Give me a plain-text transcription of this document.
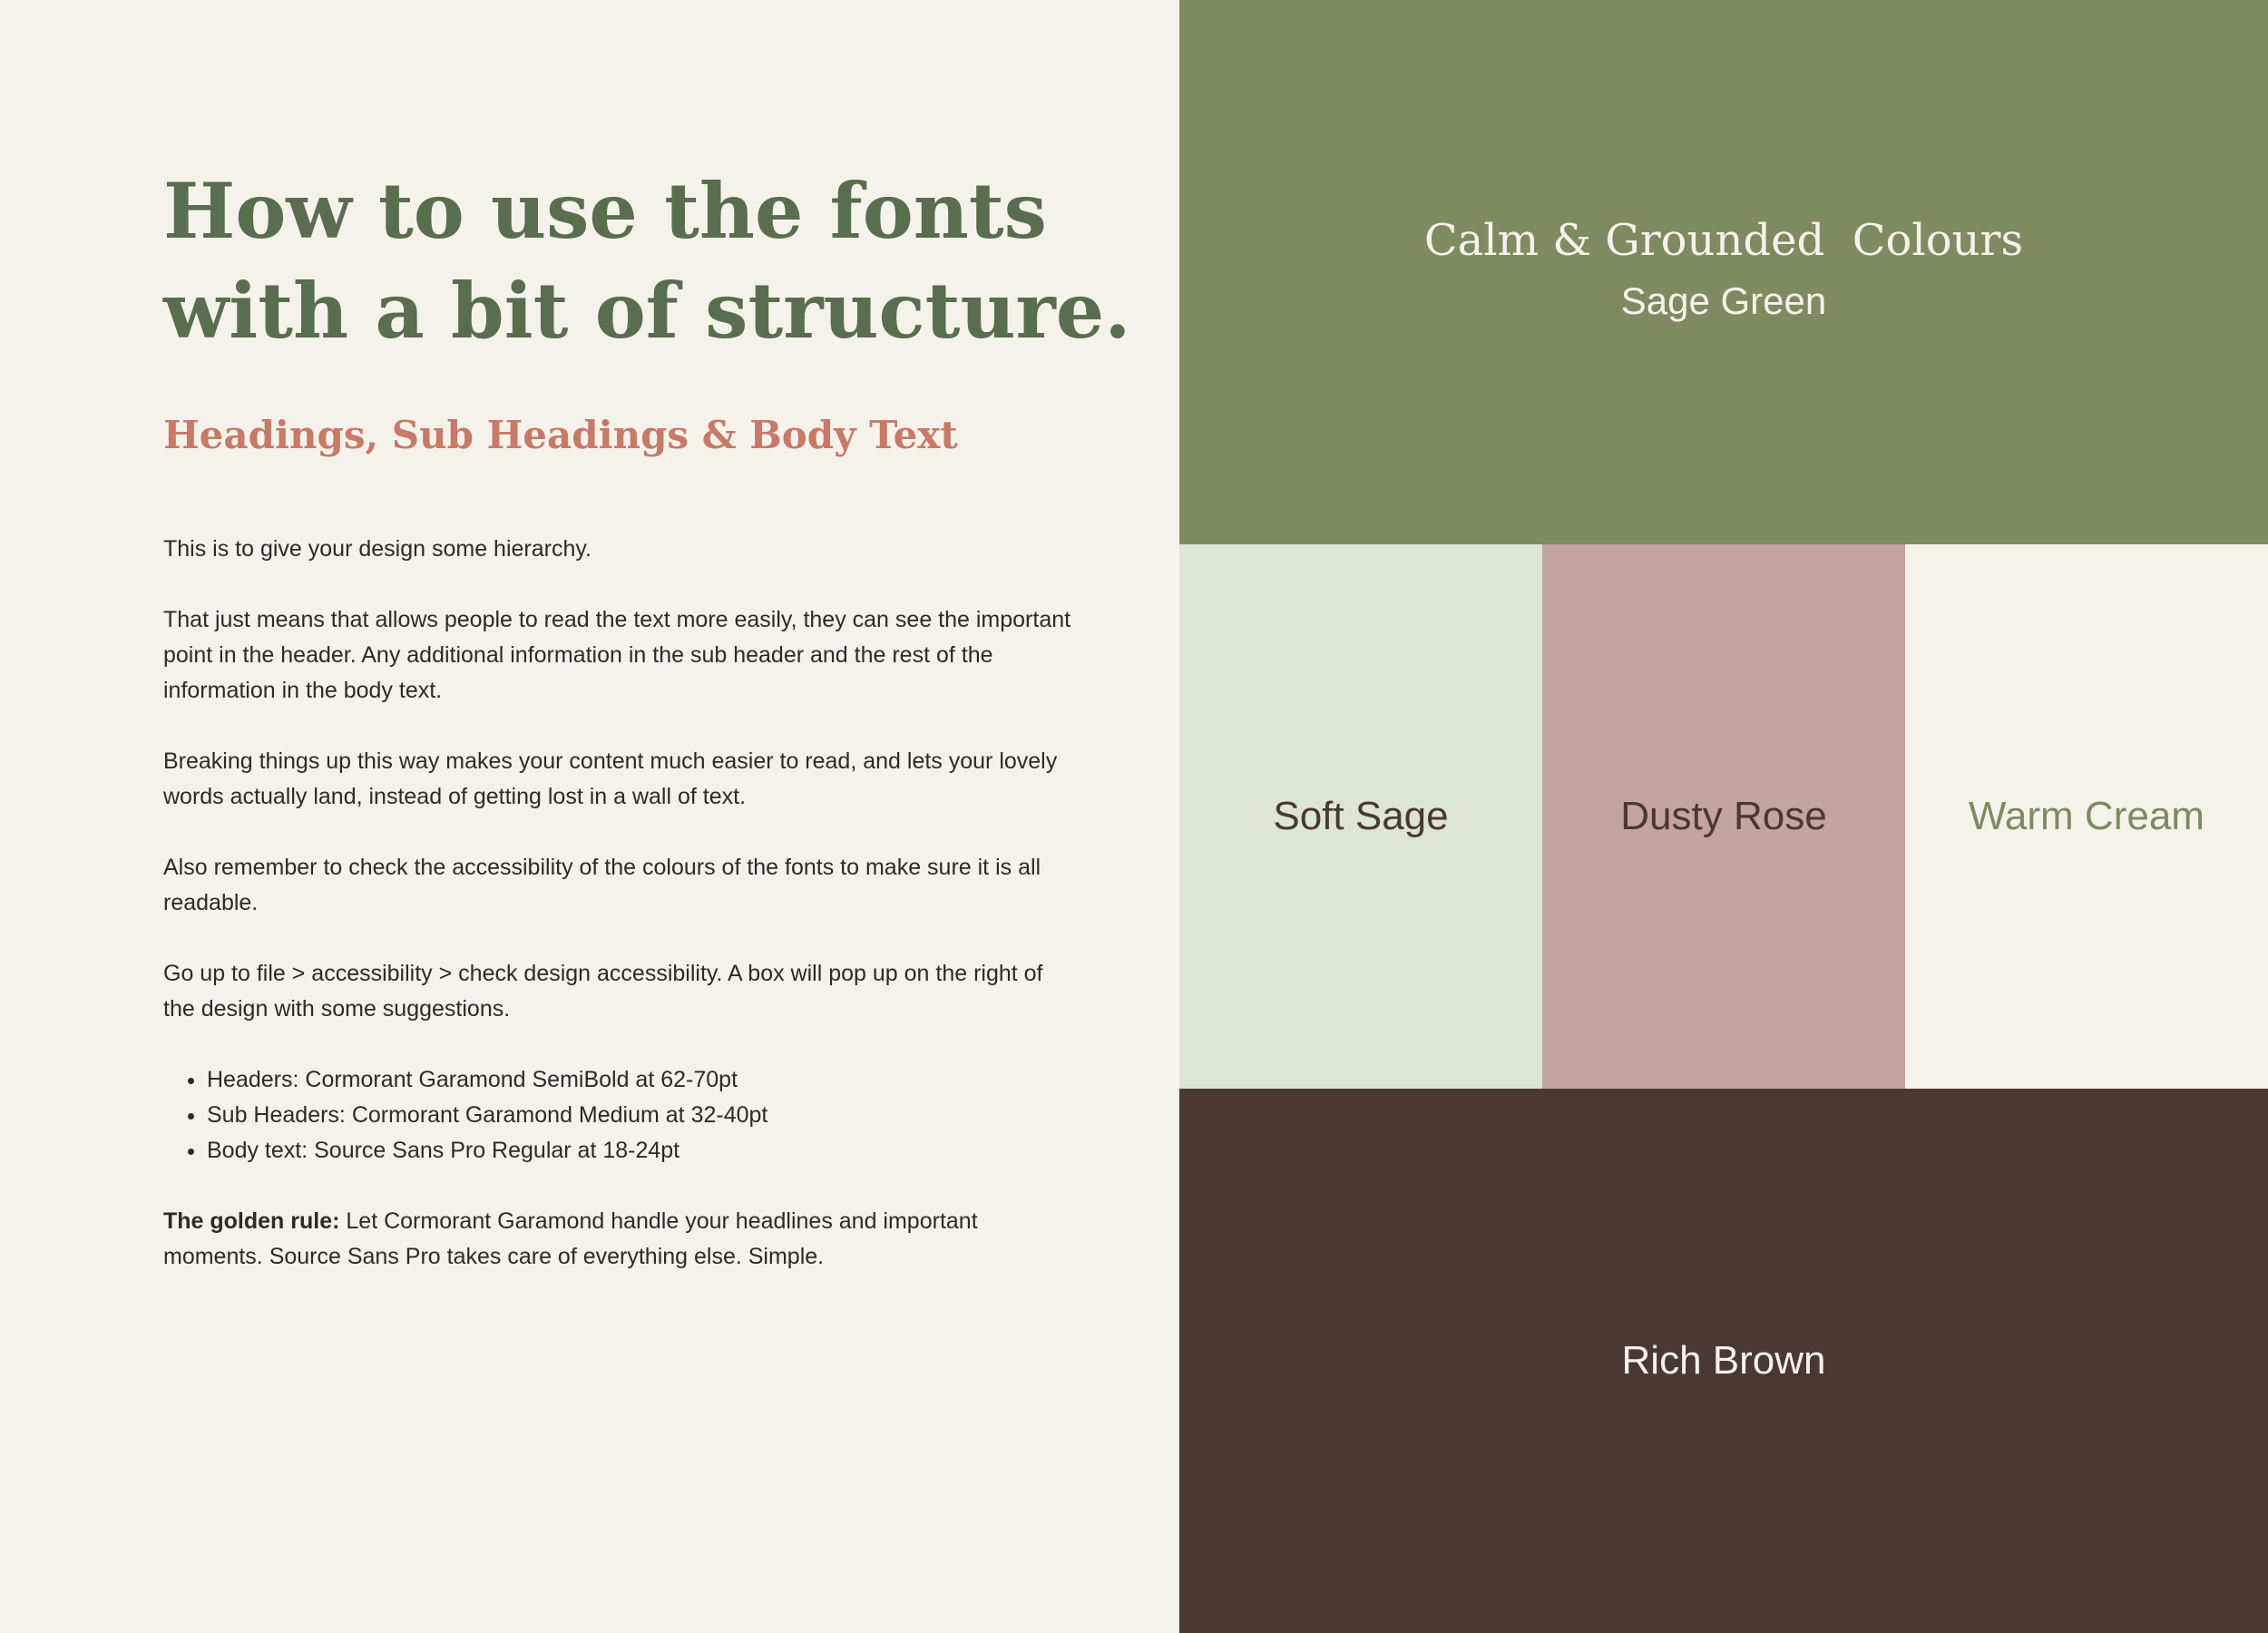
How to use the fonts with a bit of structure.
Headings, Sub Headings & Body Text

This is to give your design some hierarchy.

That just means that allows people to read the text more easily, they can see the important point in the header. Any additional information in the sub header and the rest of the information in the body text.

Breaking things up this way makes your content much easier to read, and lets your lovely words actually land, instead of getting lost in a wall of text.

Also remember to check the accessibility of the colours of the fonts to make sure it is all readable.

Go up to file > accessibility > check design accessibility. A box will pop up on the right of the design with some suggestions.

• Headers: Cormorant Garamond SemiBold at 62-70pt
• Sub Headers: Cormorant Garamond Medium at 32-40pt
• Body text: Source Sans Pro Regular at 18-24pt

The golden rule: Let Cormorant Garamond handle your headlines and important moments. Source Sans Pro takes care of everything else. Simple.

Calm & Grounded  Colours
Sage Green
Soft Sage	Dusty Rose	Warm Cream
Rich Brown
